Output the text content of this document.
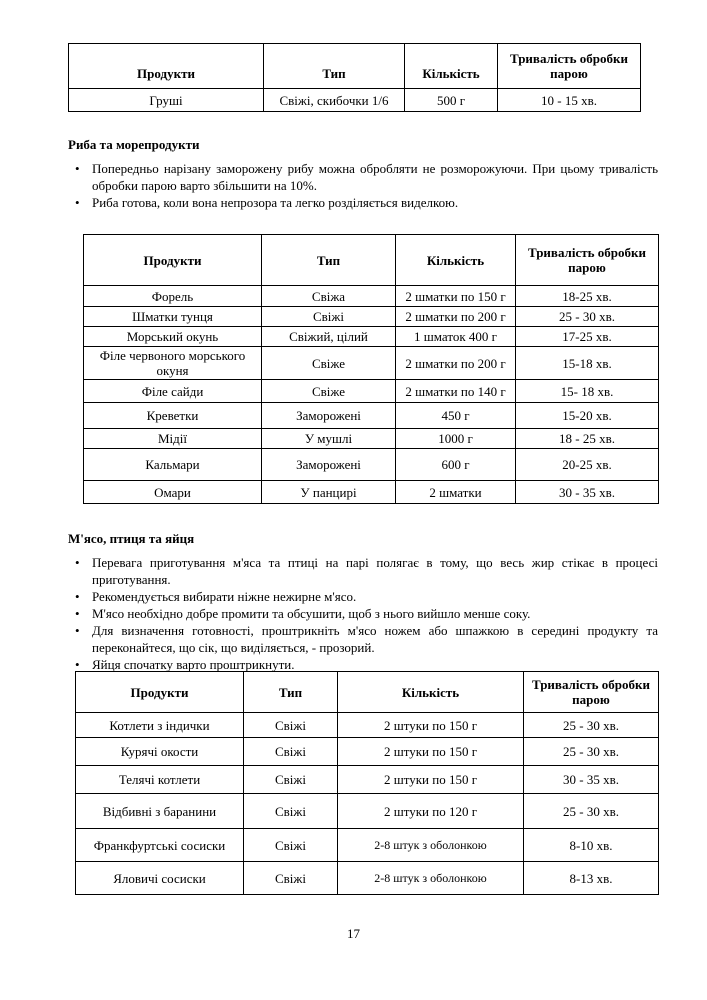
Продукти	Тип	Кількість	Тривалість обробки парою
Груші	Свіжі, скибочки 1/6	500 г	10 - 15 хв.
Риба та морепродукти
• Попередньо нарізану заморожену рибу можна обробляти не розморожуючи. При цьому тривалість обробки парою варто збільшити на 10%.
• Риба готова, коли вона непрозора та легко розділяється виделкою.
Продукти	Тип	Кількість	Тривалість обробки парою
Форель	Свіжа	2 шматки по 150 г	18-25 хв.
Шматки тунця	Свіжі	2 шматки по 200 г	25 - 30 хв.
Морський окунь	Свіжий, цілий	1 шматок 400 г	17-25 хв.
Філе червоного морського окуня	Свіже	2 шматки по 200 г	15-18 хв.
Філе сайди	Свіже	2 шматки по 140 г	15- 18 хв.
Креветки	Заморожені	450 г	15-20 хв.
Мідії	У мушлі	1000 г	18 - 25 хв.
Кальмари	Заморожені	600 г	20-25 хв.
Омари	У панцирі	2 шматки	30 - 35 хв.
М'ясо, птиця та яйця
• Перевага приготування м'яса та птиці на парі полягає в тому, що весь жир стікає в процесі приготування.
• Рекомендується вибирати ніжне нежирне м'ясо.
• М'ясо необхідно добре промити та обсушити, щоб з нього вийшло менше соку.
• Для визначення готовності, проштрикніть м'ясо ножем або шпажкою в середині продукту та переконайтеся, що сік, що виділяється, - прозорий.
• Яйця спочатку варто проштрикнути.
Продукти	Тип	Кількість	Тривалість обробки парою
Котлети з індички	Свіжі	2 штуки по 150 г	25 - 30 хв.
Курячі окости	Свіжі	2 штуки по 150 г	25 - 30 хв.
Телячі котлети	Свіжі	2 штуки по 150 г	30 - 35 хв.
Відбивні з баранини	Свіжі	2 штуки по 120 г	25 - 30 хв.
Франкфуртські сосиски	Свіжі	2-8 штук з оболонкою	8-10 хв.
Яловичі сосиски	Свіжі	2-8 штук з оболонкою	8-13 хв.
17
